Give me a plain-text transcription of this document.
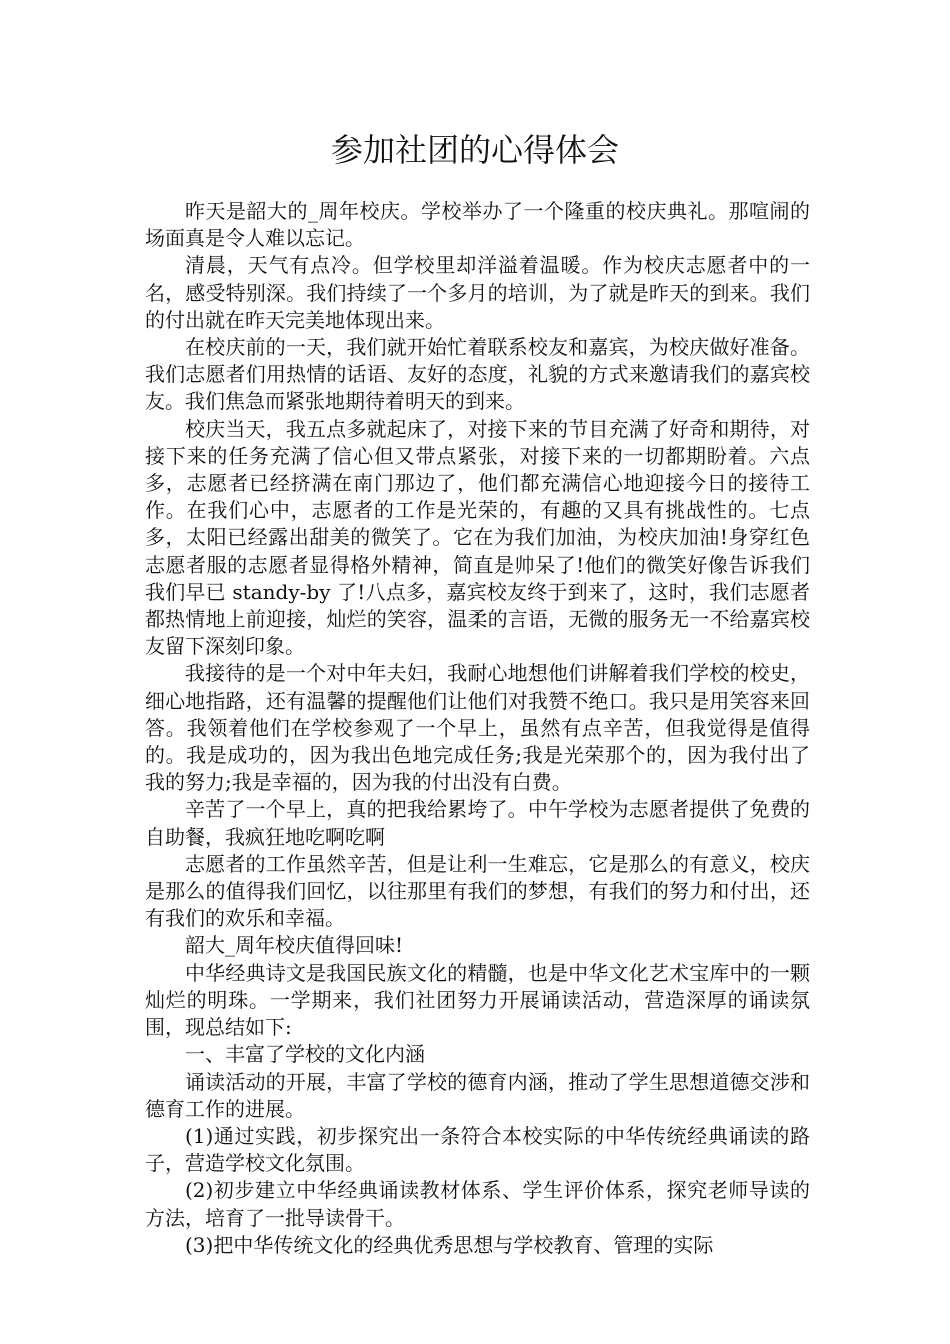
参加社团的心得体会

昨天是韶大的_周年校庆。学校举办了一个隆重的校庆典礼。那喧闹的场面真是令人难以忘记。

清晨，天气有点冷。但学校里却洋溢着温暖。作为校庆志愿者中的一名，感受特别深。我们持续了一个多月的培训，为了就是昨天的到来。我们的付出就在昨天完美地体现出来。

在校庆前的一天，我们就开始忙着联系校友和嘉宾，为校庆做好准备。我们志愿者们用热情的话语、友好的态度，礼貌的方式来邀请我们的嘉宾校友。我们焦急而紧张地期待着明天的到来。

校庆当天，我五点多就起床了，对接下来的节目充满了好奇和期待，对接下来的任务充满了信心但又带点紧张，对接下来的一切都期盼着。六点多，志愿者已经挤满在南门那边了，他们都充满信心地迎接今日的接待工作。在我们心中，志愿者的工作是光荣的，有趣的又具有挑战性的。七点多，太阳已经露出甜美的微笑了。它在为我们加油，为校庆加油!身穿红色志愿者服的志愿者显得格外精神，简直是帅呆了!他们的微笑好像告诉我们我们早已 standy-by 了!八点多，嘉宾校友终于到来了，这时，我们志愿者都热情地上前迎接，灿烂的笑容，温柔的言语，无微的服务无一不给嘉宾校友留下深刻印象。

我接待的是一个对中年夫妇，我耐心地想他们讲解着我们学校的校史，细心地指路，还有温馨的提醒他们让他们对我赞不绝口。我只是用笑容来回答。我领着他们在学校参观了一个早上，虽然有点辛苦，但我觉得是值得的。我是成功的，因为我出色地完成任务;我是光荣那个的，因为我付出了我的努力;我是幸福的，因为我的付出没有白费。

辛苦了一个早上，真的把我给累垮了。中午学校为志愿者提供了免费的自助餐，我疯狂地吃啊吃啊

志愿者的工作虽然辛苦，但是让利一生难忘，它是那么的有意义，校庆是那么的值得我们回忆，以往那里有我们的梦想，有我们的努力和付出，还有我们的欢乐和幸福。

韶大_周年校庆值得回味!

中华经典诗文是我国民族文化的精髓，也是中华文化艺术宝库中的一颗灿烂的明珠。一学期来，我们社团努力开展诵读活动，营造深厚的诵读氛围，现总结如下:

一、丰富了学校的文化内涵

诵读活动的开展，丰富了学校的德育内涵，推动了学生思想道德交涉和德育工作的进展。

(1)通过实践，初步探究出一条符合本校实际的中华传统经典诵读的路子，营造学校文化氛围。

(2)初步建立中华经典诵读教材体系、学生评价体系，探究老师导读的方法，培育了一批导读骨干。

(3)把中华传统文化的经典优秀思想与学校教育、管理的实际
